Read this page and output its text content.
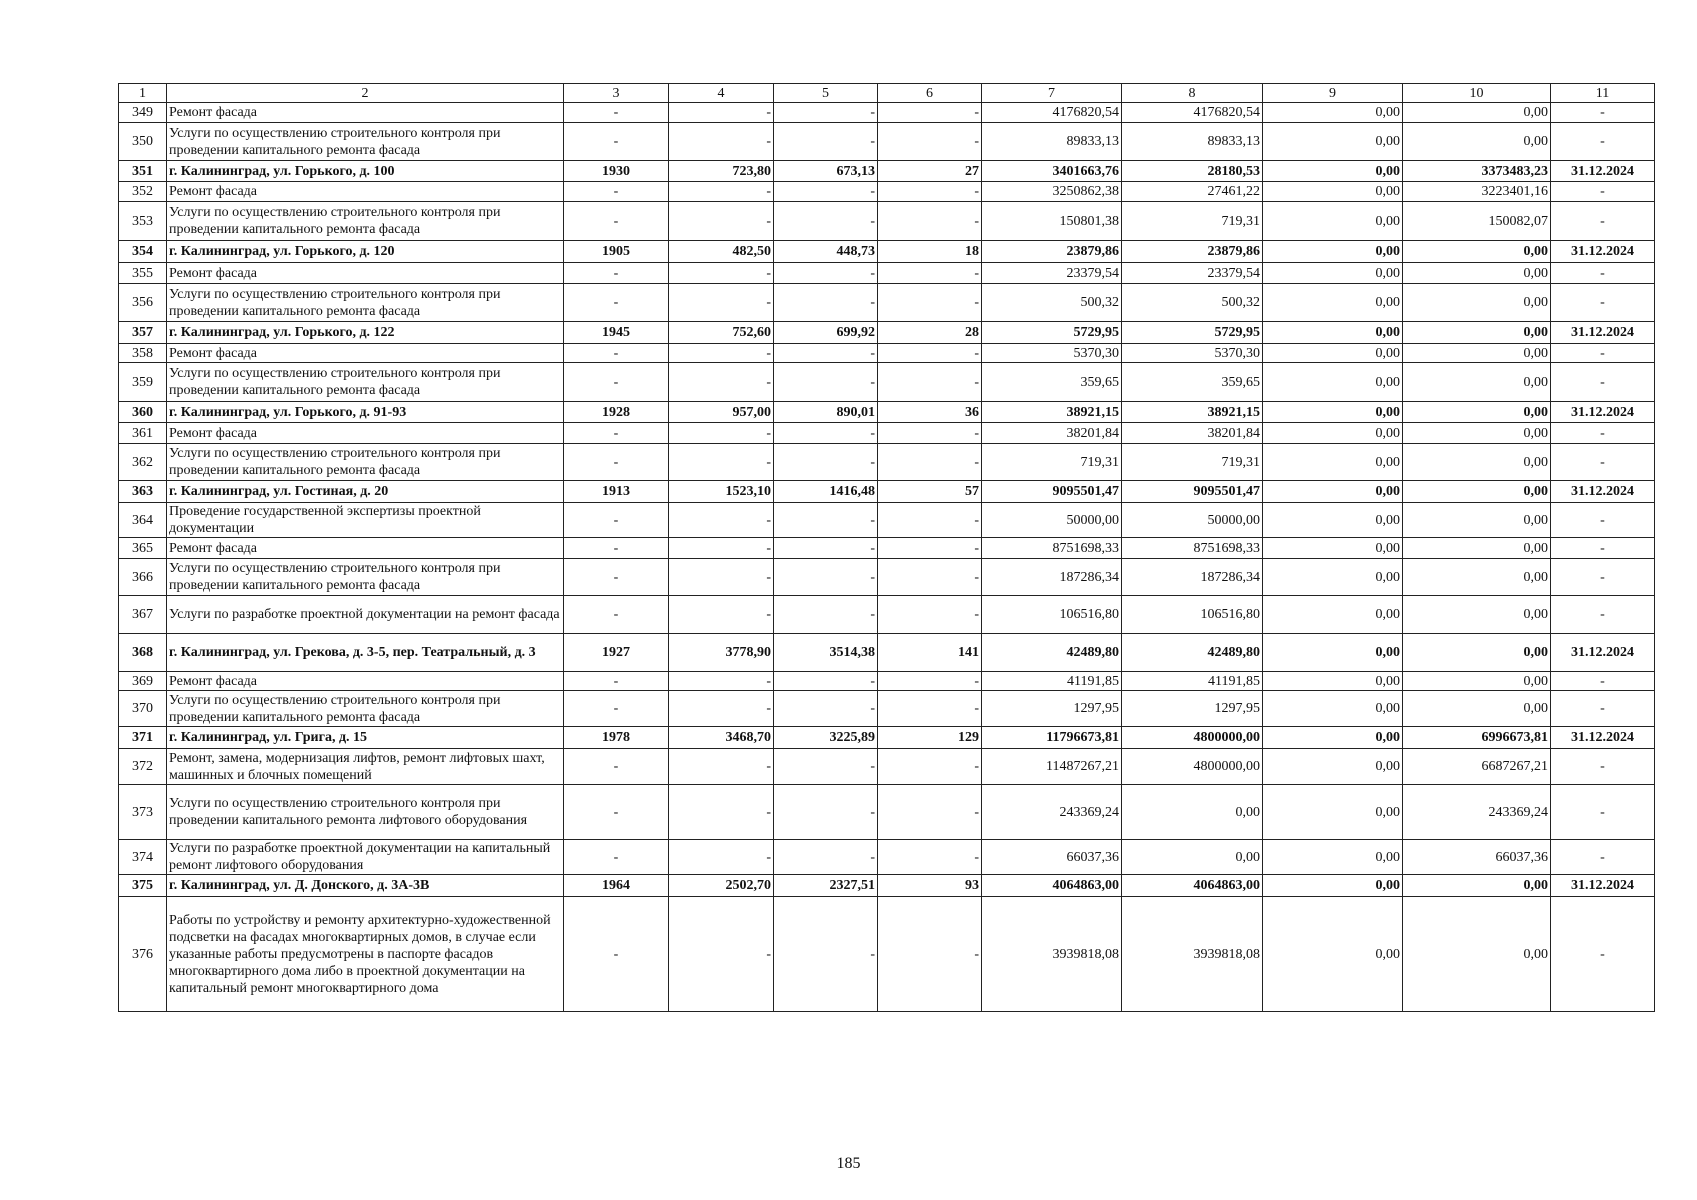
1	2	3	4	5	6	7	8	9	10	11
349	Ремонт фасада	-	-	-	-	4176820,54	4176820,54	0,00	0,00	-
350	Услуги по осуществлению строительного контроля при проведении капитального ремонта фасада	-	-	-	-	89833,13	89833,13	0,00	0,00	-
351	г. Калининград, ул. Горького, д. 100	1930	723,80	673,13	27	3401663,76	28180,53	0,00	3373483,23	31.12.2024
352	Ремонт фасада	-	-	-	-	3250862,38	27461,22	0,00	3223401,16	-
353	Услуги по осуществлению строительного контроля при проведении капитального ремонта фасада	-	-	-	-	150801,38	719,31	0,00	150082,07	-
354	г. Калининград, ул. Горького, д. 120	1905	482,50	448,73	18	23879,86	23879,86	0,00	0,00	31.12.2024
355	Ремонт фасада	-	-	-	-	23379,54	23379,54	0,00	0,00	-
356	Услуги по осуществлению строительного контроля при проведении капитального ремонта фасада	-	-	-	-	500,32	500,32	0,00	0,00	-
357	г. Калининград, ул. Горького, д. 122	1945	752,60	699,92	28	5729,95	5729,95	0,00	0,00	31.12.2024
358	Ремонт фасада	-	-	-	-	5370,30	5370,30	0,00	0,00	-
359	Услуги по осуществлению строительного контроля при проведении капитального ремонта фасада	-	-	-	-	359,65	359,65	0,00	0,00	-
360	г. Калининград, ул. Горького, д. 91-93	1928	957,00	890,01	36	38921,15	38921,15	0,00	0,00	31.12.2024
361	Ремонт фасада	-	-	-	-	38201,84	38201,84	0,00	0,00	-
362	Услуги по осуществлению строительного контроля при проведении капитального ремонта фасада	-	-	-	-	719,31	719,31	0,00	0,00	-
363	г. Калининград, ул. Гостиная, д. 20	1913	1523,10	1416,48	57	9095501,47	9095501,47	0,00	0,00	31.12.2024
364	Проведение государственной экспертизы проектной документации	-	-	-	-	50000,00	50000,00	0,00	0,00	-
365	Ремонт фасада	-	-	-	-	8751698,33	8751698,33	0,00	0,00	-
366	Услуги по осуществлению строительного контроля при проведении капитального ремонта фасада	-	-	-	-	187286,34	187286,34	0,00	0,00	-
367	Услуги по разработке проектной документации на ремонт фасада	-	-	-	-	106516,80	106516,80	0,00	0,00	-
368	г. Калининград, ул. Грекова, д. 3-5, пер. Театральный, д. 3	1927	3778,90	3514,38	141	42489,80	42489,80	0,00	0,00	31.12.2024
369	Ремонт фасада	-	-	-	-	41191,85	41191,85	0,00	0,00	-
370	Услуги по осуществлению строительного контроля при проведении капитального ремонта фасада	-	-	-	-	1297,95	1297,95	0,00	0,00	-
371	г. Калининград, ул. Грига, д. 15	1978	3468,70	3225,89	129	11796673,81	4800000,00	0,00	6996673,81	31.12.2024
372	Ремонт, замена, модернизация лифтов, ремонт лифтовых шахт, машинных и блочных помещений	-	-	-	-	11487267,21	4800000,00	0,00	6687267,21	-
373	Услуги по осуществлению строительного контроля при проведении капитального ремонта лифтового оборудования	-	-	-	-	243369,24	0,00	0,00	243369,24	-
374	Услуги по разработке проектной документации на капитальный ремонт лифтового оборудования	-	-	-	-	66037,36	0,00	0,00	66037,36	-
375	г. Калининград, ул. Д. Донского, д. 3А-3В	1964	2502,70	2327,51	93	4064863,00	4064863,00	0,00	0,00	31.12.2024
376	Работы по устройству и ремонту архитектурно-художественной подсветки на фасадах многоквартирных домов, в случае если указанные работы предусмотрены в паспорте фасадов многоквартирного дома либо в проектной документации на капитальный ремонт многоквартирного дома	-	-	-	-	3939818,08	3939818,08	0,00	0,00	-
185
